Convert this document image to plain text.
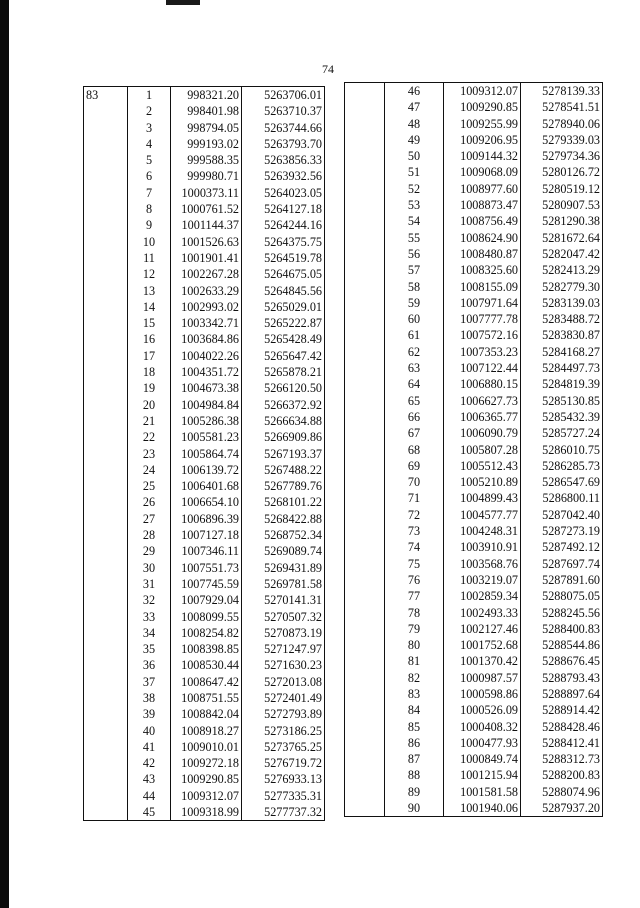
74
83	1	998321.20	5263706.01
	2	998401.98	5263710.37
	3	998794.05	5263744.66
	4	999193.02	5263793.70
	5	999588.35	5263856.33
	6	999980.71	5263932.56
	7	1000373.11	5264023.05
	8	1000761.52	5264127.18
	9	1001144.37	5264244.16
	10	1001526.63	5264375.75
	11	1001901.41	5264519.78
	12	1002267.28	5264675.05
	13	1002633.29	5264845.56
	14	1002993.02	5265029.01
	15	1003342.71	5265222.87
	16	1003684.86	5265428.49
	17	1004022.26	5265647.42
	18	1004351.72	5265878.21
	19	1004673.38	5266120.50
	20	1004984.84	5266372.92
	21	1005286.38	5266634.88
	22	1005581.23	5266909.86
	23	1005864.74	5267193.37
	24	1006139.72	5267488.22
	25	1006401.68	5267789.76
	26	1006654.10	5268101.22
	27	1006896.39	5268422.88
	28	1007127.18	5268752.34
	29	1007346.11	5269089.74
	30	1007551.73	5269431.89
	31	1007745.59	5269781.58
	32	1007929.04	5270141.31
	33	1008099.55	5270507.32
	34	1008254.82	5270873.19
	35	1008398.85	5271247.97
	36	1008530.44	5271630.23
	37	1008647.42	5272013.08
	38	1008751.55	5272401.49
	39	1008842.04	5272793.89
	40	1008918.27	5273186.25
	41	1009010.01	5273765.25
	42	1009272.18	5276719.72
	43	1009290.85	5276933.13
	44	1009312.07	5277335.31
	45	1009318.99	5277737.32
	46	1009312.07	5278139.33
	47	1009290.85	5278541.51
	48	1009255.99	5278940.06
	49	1009206.95	5279339.03
	50	1009144.32	5279734.36
	51	1009068.09	5280126.72
	52	1008977.60	5280519.12
	53	1008873.47	5280907.53
	54	1008756.49	5281290.38
	55	1008624.90	5281672.64
	56	1008480.87	5282047.42
	57	1008325.60	5282413.29
	58	1008155.09	5282779.30
	59	1007971.64	5283139.03
	60	1007777.78	5283488.72
	61	1007572.16	5283830.87
	62	1007353.23	5284168.27
	63	1007122.44	5284497.73
	64	1006880.15	5284819.39
	65	1006627.73	5285130.85
	66	1006365.77	5285432.39
	67	1006090.79	5285727.24
	68	1005807.28	5286010.75
	69	1005512.43	5286285.73
	70	1005210.89	5286547.69
	71	1004899.43	5286800.11
	72	1004577.77	5287042.40
	73	1004248.31	5287273.19
	74	1003910.91	5287492.12
	75	1003568.76	5287697.74
	76	1003219.07	5287891.60
	77	1002859.34	5288075.05
	78	1002493.33	5288245.56
	79	1002127.46	5288400.83
	80	1001752.68	5288544.86
	81	1001370.42	5288676.45
	82	1000987.57	5288793.43
	83	1000598.86	5288897.64
	84	1000526.09	5288914.42
	85	1000408.32	5288428.46
	86	1000477.93	5288412.41
	87	1000849.74	5288312.73
	88	1001215.94	5288200.83
	89	1001581.58	5288074.96
	90	1001940.06	5287937.20
